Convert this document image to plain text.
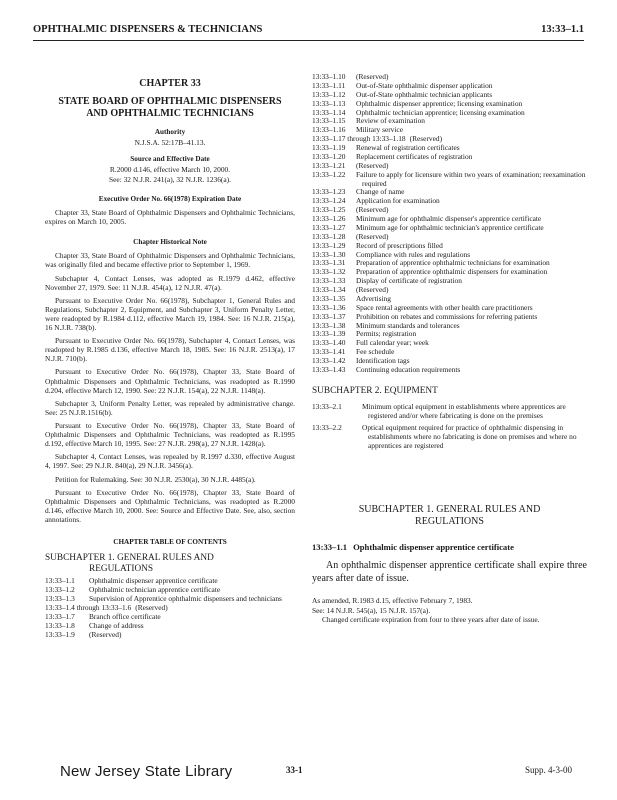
OPHTHALMIC DISPENSERS & TECHNICIANS	13:33–1.1
CHAPTER 33
STATE BOARD OF OPHTHALMIC DISPENSERS
AND OPHTHALMIC TECHNICIANS
Authority
N.J.S.A. 52:17B–41.13.
Source and Effective Date
R.2000 d.146, effective March 10, 2000.
See: 32 N.J.R. 241(a), 32 N.J.R. 1236(a).
Executive Order No. 66(1978) Expiration Date
Chapter 33, State Board of Ophthalmic Dispensers and Ophthalmic Technicians, expires on March 10, 2005.
Chapter Historical Note
Chapter 33, State Board of Ophthalmic Dispensers and Ophthalmic Technicians, was originally filed and became effective prior to September 1, 1969.
Subchapter 4, Contact Lenses, was adopted as R.1979 d.462, effective November 27, 1979. See: 11 N.J.R. 454(a), 12 N.J.R. 47(a).
Pursuant to Executive Order No. 66(1978), Subchapter 1, General Rules and Regulations, Subchapter 2, Equipment, and Subchapter 3, Uniform Penalty Letter, were readopted by R.1984 d.112, effective March 19, 1984. See: 16 N.J.R. 215(a), 16 N.J.R. 738(b).
Pursuant to Executive Order No. 66(1978), Subchapter 4, Contact Lenses, was readopted by R.1985 d.136, effective March 18, 1985. See: 16 N.J.R. 2513(a), 17 N.J.R. 710(b).
Pursuant to Executive Order No. 66(1978), Chapter 33, State Board of Ophthalmic Dispensers and Ophthalmic Technicians, was readopted as R.1990 d.204, effective March 12, 1990. See: 22 N.J.R. 154(a), 22 N.J.R. 1148(a).
Subchapter 3, Uniform Penalty Letter, was repealed by administrative change. See: 25 N.J.R.1516(b).
Pursuant to Executive Order No. 66(1978), Chapter 33, State Board of Ophthalmic Dispensers and Ophthalmic Technicians, was readopted as R.1995 d.192, effective March 10, 1995. See: 27 N.J.R. 298(a), 27 N.J.R. 1428(a).
Subchapter 4, Contact Lenses, was repealed by R.1997 d.330, effective August 4, 1997. See: 29 N.J.R. 840(a), 29 N.J.R. 3456(a).
Petition for Rulemaking. See: 30 N.J.R. 2530(a), 30 N.J.R. 4485(a).
Pursuant to Executive Order No. 66(1978), Chapter 33, State Board of Ophthalmic Dispensers and Ophthalmic Technicians, was readopted as R.2000 d.146, effective March 10, 2000. See: Source and Effective Date. See, also, section annotations.
CHAPTER TABLE OF CONTENTS
SUBCHAPTER 1. GENERAL RULES AND
REGULATIONS
13:33–1.1	Ophthalmic dispenser apprentice certificate
13:33–1.2	Ophthalmic technician apprentice certificate
13:33–1.3	Supervision of Apprentice ophthalmic dispensers and technicians
13:33–1.4 through 13:33–1.6 (Reserved)
13:33–1.7	Branch office certificate
13:33–1.8	Change of address
13:33–1.9	(Reserved)
13:33–1.10	(Reserved)
13:33–1.11	Out-of-State ophthalmic dispenser application
13:33–1.12	Out-of-State ophthalmic technician applicants
13:33–1.13	Ophthalmic dispenser apprentice; licensing examination
13:33–1.14	Ophthalmic technician apprentice; licensing examination
13:33–1.15	Review of examination
13:33–1.16	Military service
13:33–1.17 through 13:33–1.18 (Reserved)
13:33–1.19	Renewal of registration certificates
13:33–1.20	Replacement certificates of registration
13:33–1.21	(Reserved)
13:33–1.22	Failure to apply for licensure within two years of examination; reexamination required
13:33–1.23	Change of name
13:33–1.24	Application for examination
13:33–1.25	(Reserved)
13:33–1.26	Minimum age for ophthalmic dispenser's apprentice certificate
13:33–1.27	Minimum age for ophthalmic technician's apprentice certificate
13:33–1.28	(Reserved)
13:33–1.29	Record of prescriptions filled
13:33–1.30	Compliance with rules and regulations
13:33–1.31	Preparation of apprentice ophthalmic technicians for examination
13:33–1.32	Preparation of apprentice ophthalmic dispensers for examination
13:33–1.33	Display of certificate of registration
13:33–1.34	(Reserved)
13:33–1.35	Advertising
13:33–1.36	Space rental agreements with other health care practitioners
13:33–1.37	Prohibition on rebates and commissions for referring patients
13:33–1.38	Minimum standards and tolerances
13:33–1.39	Permits; registration
13:33–1.40	Full calendar year; week
13:33–1.41	Fee schedule
13:33–1.42	Identification tags
13:33–1.43	Continuing education requirements
SUBCHAPTER 2. EQUIPMENT
13:33–2.1	Minimum optical equipment in establishments where apprentices are registered and/or where fabricating is done on the premises
13:33–2.2	Optical equipment required for practice of ophthalmic dispensing in establishments where no fabricating is done on premises and where no apprentices are registered
SUBCHAPTER 1. GENERAL RULES AND
REGULATIONS
13:33–1.1 Ophthalmic dispenser apprentice certificate
An ophthalmic dispenser apprentice certificate shall expire three years after date of issue.
As amended, R.1983 d.15, effective February 7, 1983.
See: 14 N.J.R. 545(a), 15 N.J.R. 157(a).
Changed certificate expiration from four to three years after date of issue.
New Jersey State Library	33-1	Supp. 4-3-00
